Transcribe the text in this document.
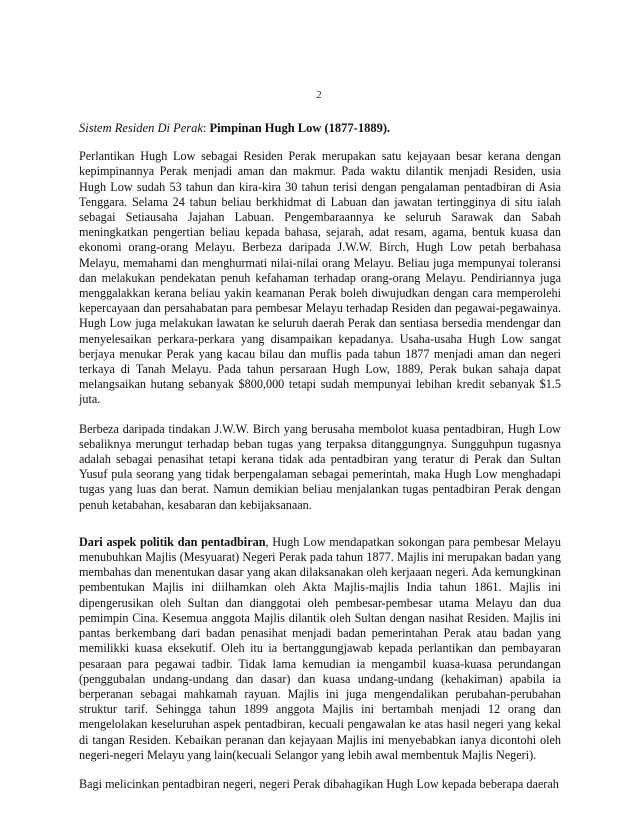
2
Sistem Residen Di Perak: Pimpinan Hugh Low (1877-1889).

Perlantikan Hugh Low sebagai Residen Perak merupakan satu kejayaan besar kerana dengan kepimpinannya Perak menjadi aman dan makmur. Pada waktu dilantik menjadi Residen, usia Hugh Low sudah 53 tahun dan kira-kira 30 tahun terisi dengan pengalaman pentadbiran di Asia Tenggara. Selama 24 tahun beliau berkhidmat di Labuan dan jawatan tertingginya di situ ialah sebagai Setiausaha Jajahan Labuan. Pengembaraannya ke seluruh Sarawak dan Sabah meningkatkan pengertian beliau kepada bahasa, sejarah, adat resam, agama, bentuk kuasa dan ekonomi orang-orang Melayu. Berbeza daripada J.W.W. Birch, Hugh Low petah berbahasa Melayu, memahami dan menghurmati nilai-nilai orang Melayu. Beliau juga mempunyai toleransi dan melakukan pendekatan penuh kefahaman terhadap orang-orang Melayu. Pendiriannya juga menggalakkan kerana beliau yakin keamanan Perak boleh diwujudkan dengan cara memperolehi kepercayaan dan persahabatan para pembesar Melayu terhadap Residen dan pegawai-pegawainya. Hugh Low juga melakukan lawatan ke seluruh daerah Perak dan sentiasa bersedia mendengar dan menyelesaikan perkara-perkara yang disampaikan kepadanya. Usaha-usaha Hugh Low sangat berjaya menukar Perak yang kacau bilau dan muflis pada tahun 1877 menjadi aman dan negeri terkaya di Tanah Melayu. Pada tahun persaraan Hugh Low, 1889, Perak bukan sahaja dapat melangsaikan hutang sebanyak $800,000 tetapi sudah mempunyai lebihan kredit sebanyak $1.5 juta.

Berbeza daripada tindakan J.W.W. Birch yang berusaha membolot kuasa pentadbiran, Hugh Low sebaliknya merungut terhadap beban tugas yang terpaksa ditanggungnya. Sungguhpun tugasnya adalah sebagai penasihat tetapi kerana tidak ada pentadbiran yang teratur di Perak dan Sultan Yusuf pula seorang yang tidak berpengalaman sebagai pemerintah, maka Hugh Low menghadapi tugas yang luas dan berat. Namun demikian beliau menjalankan tugas pentadbiran Perak dengan penuh ketabahan, kesabaran dan kebijaksanaan.

Dari aspek politik dan pentadbiran, Hugh Low mendapatkan sokongan para pembesar Melayu menubuhkan Majlis (Mesyuarat) Negeri Perak pada tahun 1877. Majlis ini merupakan badan yang membahas dan menentukan dasar yang akan dilaksanakan oleh kerjaaan negeri. Ada kemungkinan pembentukan Majlis ini diilhamkan oleh Akta Majlis-majlis India tahun 1861. Majlis ini dipengerusikan oleh Sultan dan dianggotai oleh pembesar-pembesar utama Melayu dan dua pemimpin Cina. Kesemua anggota Majlis dilantik oleh Sultan dengan nasihat Residen. Majlis ini pantas berkembang dari badan penasihat menjadi badan pemerintahan Perak atau badan yang memilikki kuasa eksekutif. Oleh itu ia bertanggungjawab kepada perlantikan dan pembayaran pesaraan para pegawai tadbir. Tidak lama kemudian ia mengambil kuasa-kuasa perundangan (penggubalan undang-undang dan dasar) dan kuasa undang-undang (kehakiman) apabila ia berperanan sebagai mahkamah rayuan. Majlis ini juga mengendalikan perubahan-perubahan struktur tarif. Sehingga tahun 1899 anggota Majlis ini bertambah menjadi 12 orang dan mengelolakan keseluruhan aspek pentadbiran, kecuali pengawalan ke atas hasil negeri yang kekal di tangan Residen. Kebaikan peranan dan kejayaan Majlis ini menyebabkan ianya dicontohi oleh negeri-negeri Melayu yang lain(kecuali Selangor yang lebih awal membentuk Majlis Negeri).

Bagi melicinkan pentadbiran negeri, negeri Perak dibahagikan Hugh Low kepada beberapa daerah
